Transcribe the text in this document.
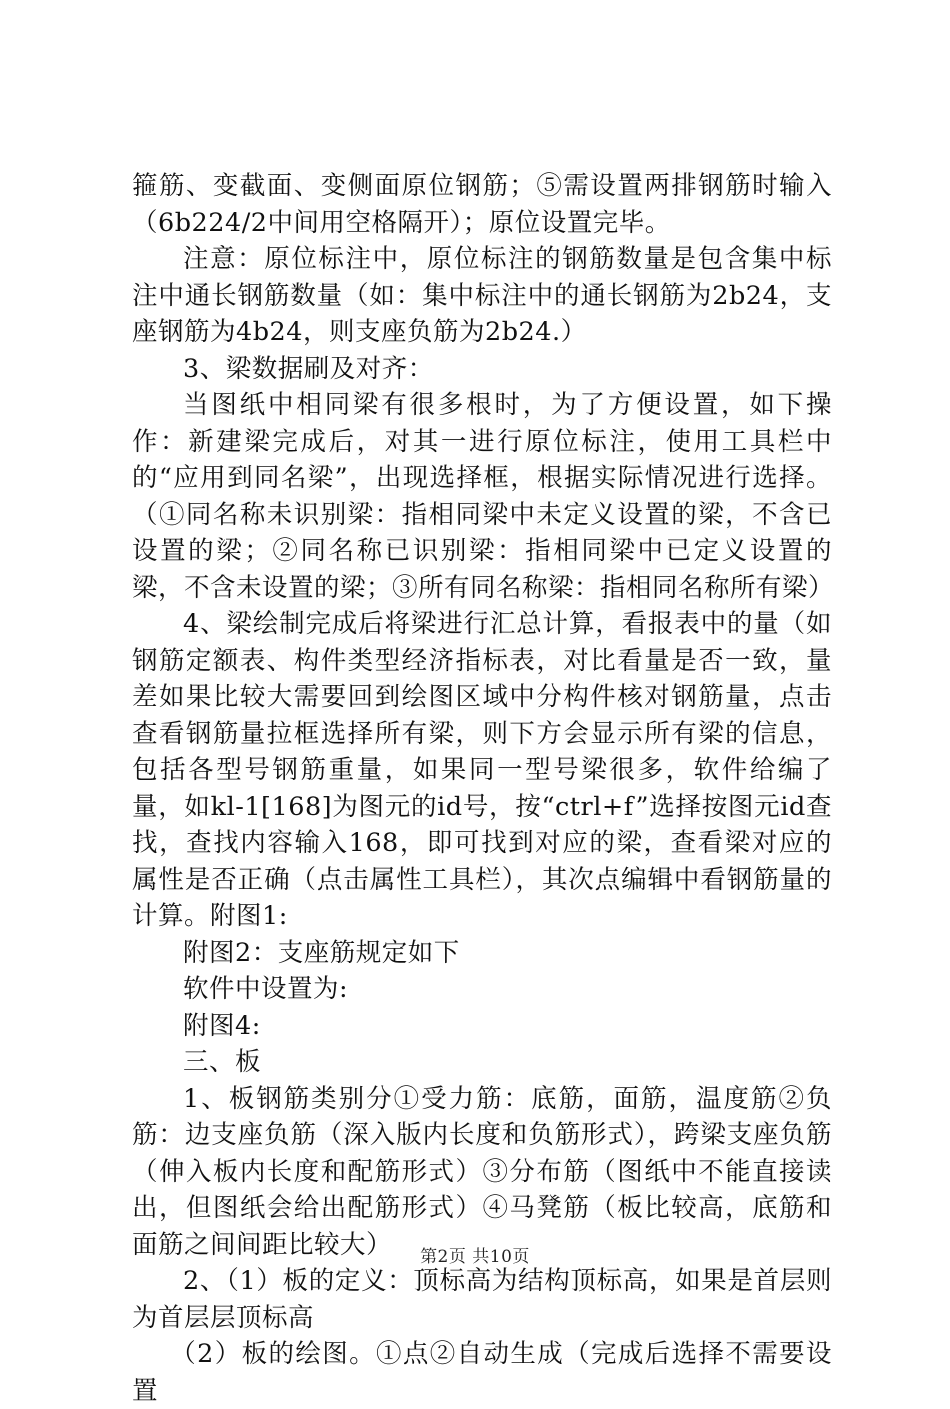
箍筋、变截面、变侧面原位钢筋；⑤需设置两排钢筋时输入（6b224/2中间用空格隔开）；原位设置完毕。

注意：原位标注中，原位标注的钢筋数量是包含集中标注中通长钢筋数量（如：集中标注中的通长钢筋为2b24，支座钢筋为4b24，则支座负筋为2b24.）

3、梁数据刷及对齐：

当图纸中相同梁有很多根时，为了方便设置，如下操作：新建梁完成后，对其一进行原位标注，使用工具栏中的“应用到同名梁”，出现选择框，根据实际情况进行选择。（①同名称未识别梁：指相同梁中未定义设置的梁，不含已设置的梁；②同名称已识别梁：指相同梁中已定义设置的梁，不含未设置的梁；③所有同名称梁：指相同名称所有梁）

4、梁绘制完成后将梁进行汇总计算，看报表中的量（如钢筋定额表、构件类型经济指标表，对比看量是否一致，量差如果比较大需要回到绘图区域中分构件核对钢筋量，点击查看钢筋量拉框选择所有梁，则下方会显示所有梁的信息，包括各型号钢筋重量，如果同一型号梁很多，软件给编了量，如kl-1[168]为图元的id号，按“ctrl+f”选择按图元id查找，查找内容输入168，即可找到对应的梁，查看梁对应的属性是否正确（点击属性工具栏），其次点编辑中看钢筋量的计算。附图1:

附图2：支座筋规定如下

软件中设置为:

附图4:

三、板

1、板钢筋类别分①受力筋：底筋，面筋，温度筋②负筋：边支座负筋（深入版内长度和负筋形式），跨梁支座负筋（伸入板内长度和配筋形式）③分布筋（图纸中不能直接读出，但图纸会给出配筋形式）④马凳筋（板比较高，底筋和面筋之间间距比较大）

2、（1）板的定义：顶标高为结构顶标高，如果是首层则为首层层顶标高

（2）板的绘图。①点②自动生成（完成后选择不需要设置

第2页 共10页
